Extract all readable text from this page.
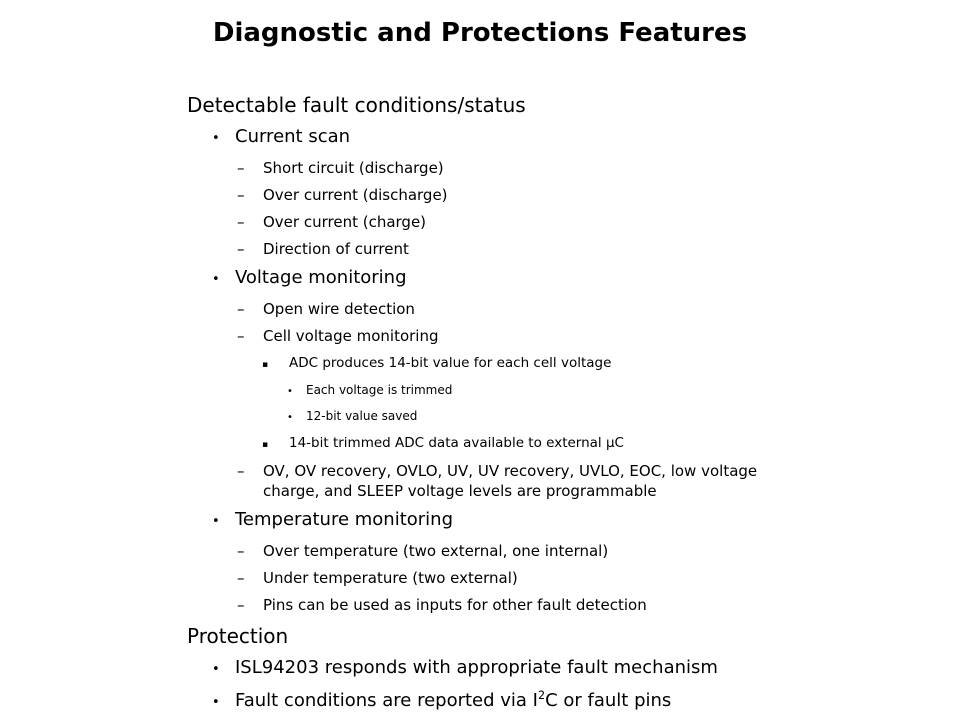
Diagnostic and Protections Features
Detectable fault conditions/status
• Current scan
–	Short circuit (discharge)
–	Over current (discharge)
–	Over current (charge)
–	Direction of current
• Voltage monitoring
–	Open wire detection
–	Cell voltage monitoring
▪	ADC produces 14-bit value for each cell voltage
•	Each voltage is trimmed
•	12-bit value saved
▪	14-bit trimmed ADC data available to external µC
–	OV, OV recovery, OVLO, UV, UV recovery, UVLO, EOC, low voltage charge, and SLEEP voltage levels are programmable
• Temperature monitoring
–	Over temperature (two external, one internal)
–	Under temperature (two external)
–	Pins can be used as inputs for other fault detection
Protection
• ISL94203 responds with appropriate fault mechanism
• Fault conditions are reported via $I^2C$ or fault pins
